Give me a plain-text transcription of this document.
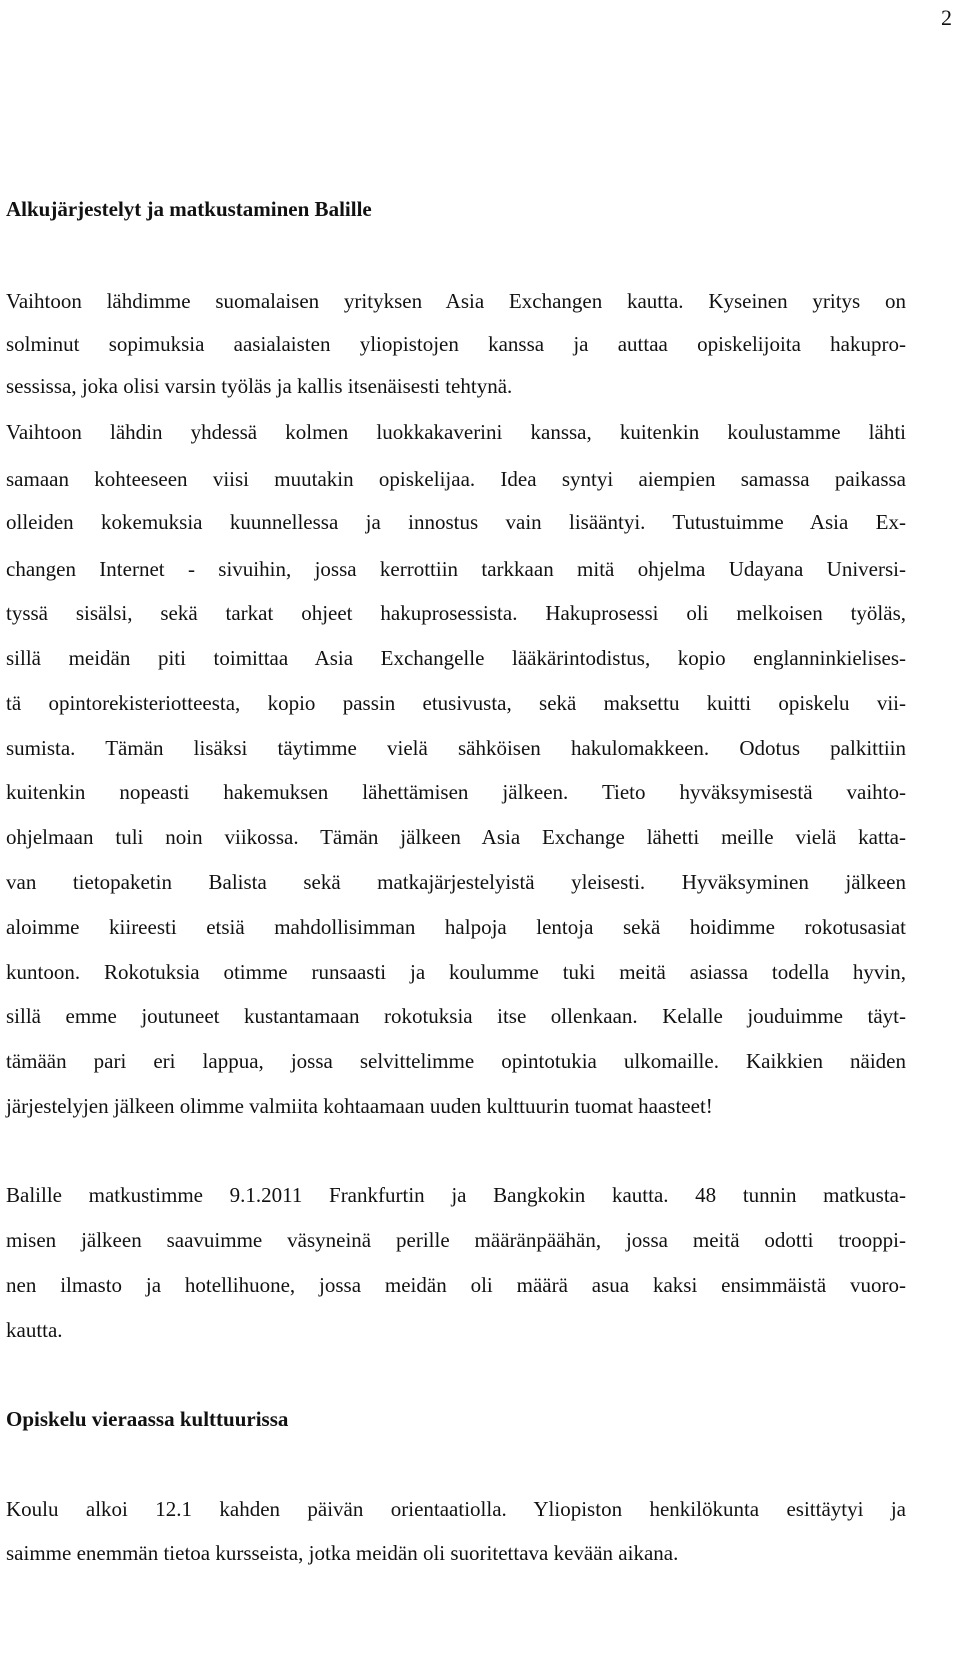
2
Alkujärjestelyt ja matkustaminen Balille
Vaihtoon lähdimme suomalaisen yrityksen Asia Exchangen kautta. Kyseinen yritys on
solminut sopimuksia aasialaisten yliopistojen kanssa ja auttaa opiskelijoita hakupro-
sessissa, joka olisi varsin työläs ja kallis itsenäisesti tehtynä.
Vaihtoon lähdin yhdessä kolmen luokkakaverini kanssa, kuitenkin koulustamme lähti
samaan kohteeseen viisi muutakin opiskelijaa. Idea syntyi aiempien samassa paikassa
olleiden kokemuksia kuunnellessa ja innostus vain lisääntyi. Tutustuimme Asia Ex-
changen Internet - sivuihin, jossa kerrottiin tarkkaan mitä ohjelma Udayana Universi-
tyssä sisälsi, sekä tarkat ohjeet hakuprosessista. Hakuprosessi oli melkoisen työläs,
sillä meidän piti toimittaa Asia Exchangelle lääkärintodistus, kopio englanninkielises-
tä opintorekisteriotteesta, kopio passin etusivusta, sekä maksettu kuitti opiskelu vii-
sumista. Tämän lisäksi täytimme vielä sähköisen hakulomakkeen. Odotus palkittiin
kuitenkin nopeasti hakemuksen lähettämisen jälkeen. Tieto hyväksymisestä vaihto-
ohjelmaan tuli noin viikossa. Tämän jälkeen Asia Exchange lähetti meille vielä katta-
van tietopaketin Balista sekä matkajärjestelyistä yleisesti. Hyväksyminen jälkeen
aloimme kiireesti etsiä mahdollisimman halpoja lentoja sekä hoidimme rokotusasiat
kuntoon. Rokotuksia otimme runsaasti ja koulumme tuki meitä asiassa todella hyvin,
sillä emme joutuneet kustantamaan rokotuksia itse ollenkaan. Kelalle jouduimme täyt-
tämään pari eri lappua, jossa selvittelimme opintotukia ulkomaille. Kaikkien näiden
järjestelyjen jälkeen olimme valmiita kohtaamaan uuden kulttuurin tuomat haasteet!
Balille matkustimme 9.1.2011 Frankfurtin ja Bangkokin kautta. 48 tunnin matkusta-
misen jälkeen saavuimme väsyneinä perille määränpäähän, jossa meitä odotti trooppi-
nen ilmasto ja hotellihuone, jossa meidän oli määrä asua kaksi ensimmäistä vuoro-
kautta.
Opiskelu vieraassa kulttuurissa
Koulu alkoi 12.1 kahden päivän orientaatiolla. Yliopiston henkilökunta esittäytyi ja
saimme enemmän tietoa kursseista, jotka meidän oli suoritettava kevään aikana.
